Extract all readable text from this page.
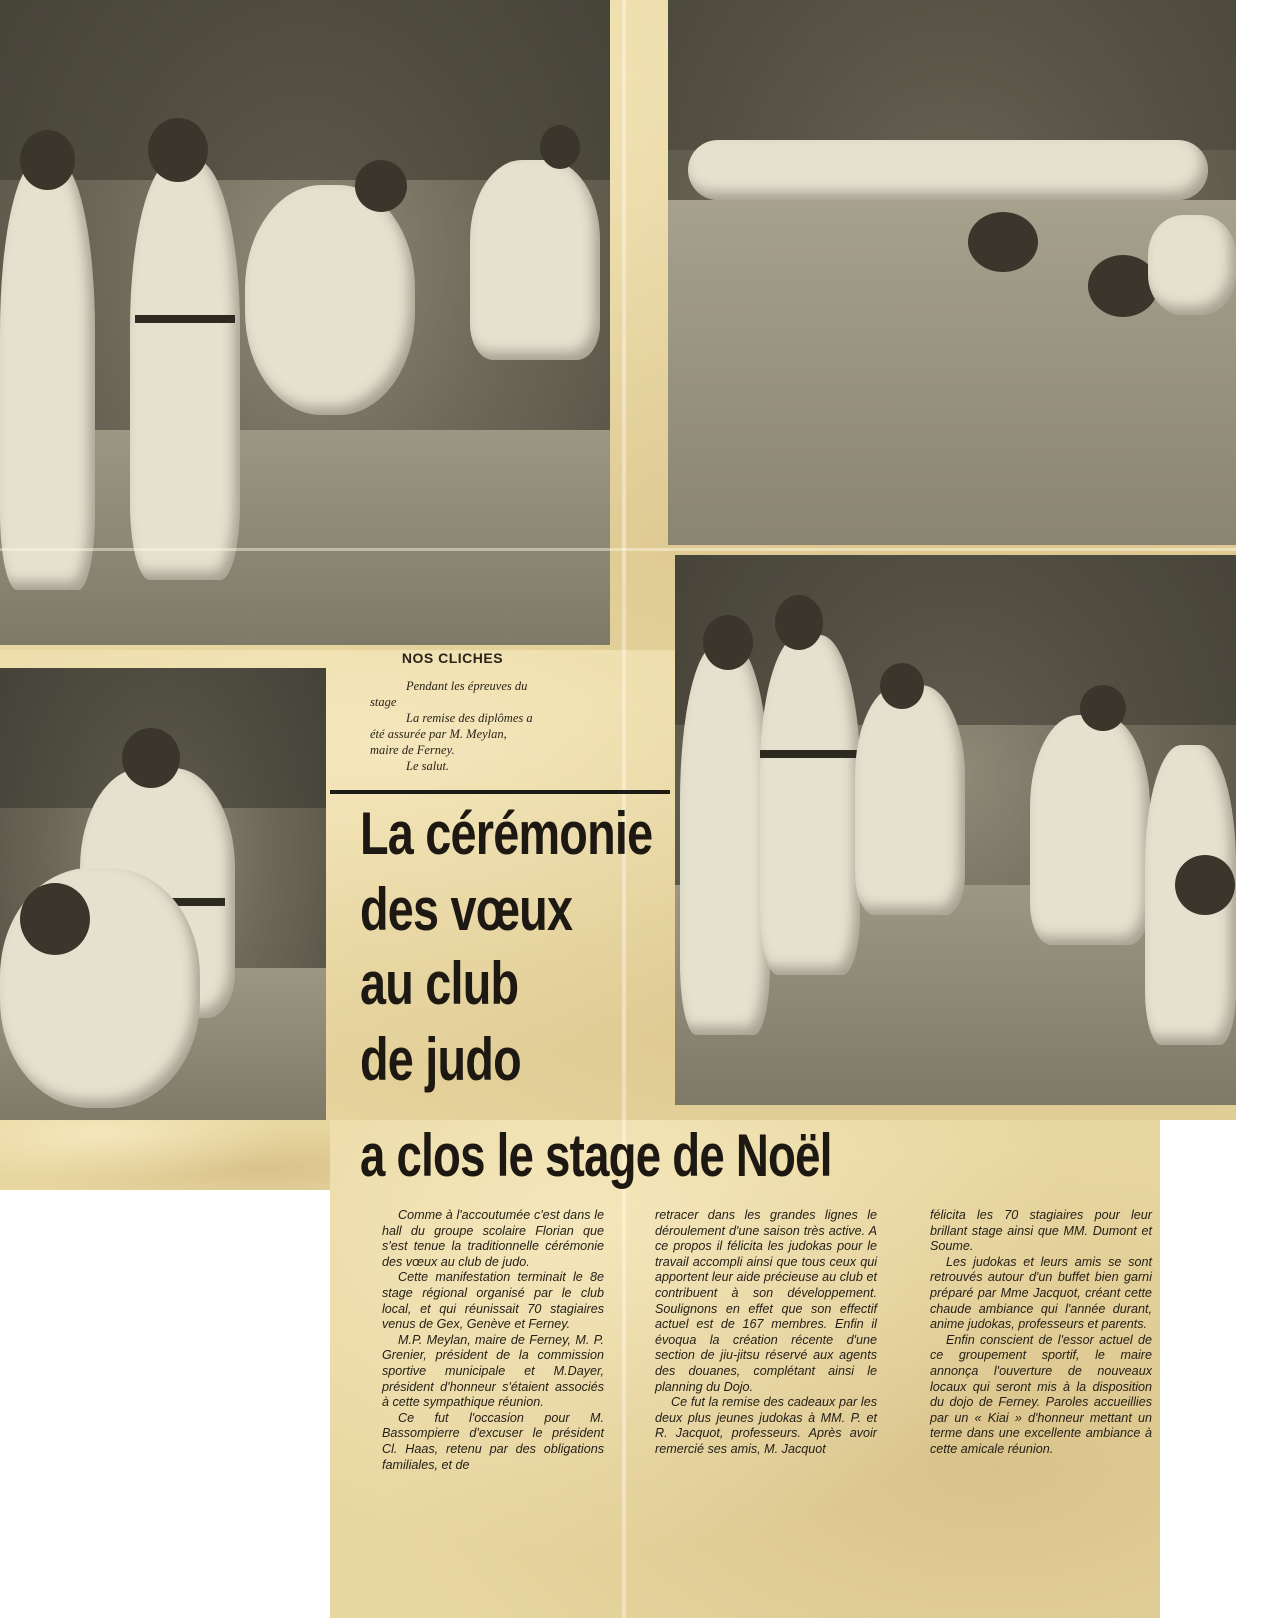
NOS CLICHES

Pendant les épreuves du

stage

La remise des diplômes a

été assurée par M. Meylan,

maire de Ferney.

Le salut.

La cérémonie
des vœux
au club
de judo
a clos le stage de Noël

Comme à l'accoutumée c'est dans le hall du groupe scolaire Florian que s'est tenue la traditionnelle cérémonie des vœux au club de judo.

Cette manifestation terminait le 8e stage régional organisé par le club local, et qui réunissait 70 stagiaires venus de Gex, Genève et Ferney.

M.P. Meylan, maire de Ferney, M. P. Grenier, président de la commission sportive municipale et M.Dayer, président d'honneur s'étaient associés à cette sympathique réunion.

Ce fut l'occasion pour M. Bassompierre d'excuser le président Cl. Haas, retenu par des obligations familiales, et de

retracer dans les grandes lignes le déroulement d'une saison très active. A ce propos il félicita les judokas pour le travail accompli ainsi que tous ceux qui apportent leur aide précieuse au club et contribuent à son développement. Soulignons en effet que son effectif actuel est de 167 membres. Enfin il évoqua la création récente d'une section de jiu-jitsu réservé aux agents des douanes, complétant ainsi le planning du Dojo.

Ce fut la remise des cadeaux par les deux plus jeunes judokas à MM. P. et R. Jacquot, professeurs. Après avoir remercié ses amis, M. Jacquot

félicita les 70 stagiaires pour leur brillant stage ainsi que MM. Dumont et Soume.

Les judokas et leurs amis se sont retrouvés autour d'un buffet bien garni préparé par Mme Jacquot, créant cette chaude ambiance qui l'année durant, anime judokas, professeurs et parents.

Enfin conscient de l'essor actuel de ce groupement sportif, le maire annonça l'ouverture de nouveaux locaux qui seront mis à la disposition du dojo de Ferney. Paroles accueillies par un « Kiai » d'honneur mettant un terme dans une excellente ambiance à cette amicale réunion.
